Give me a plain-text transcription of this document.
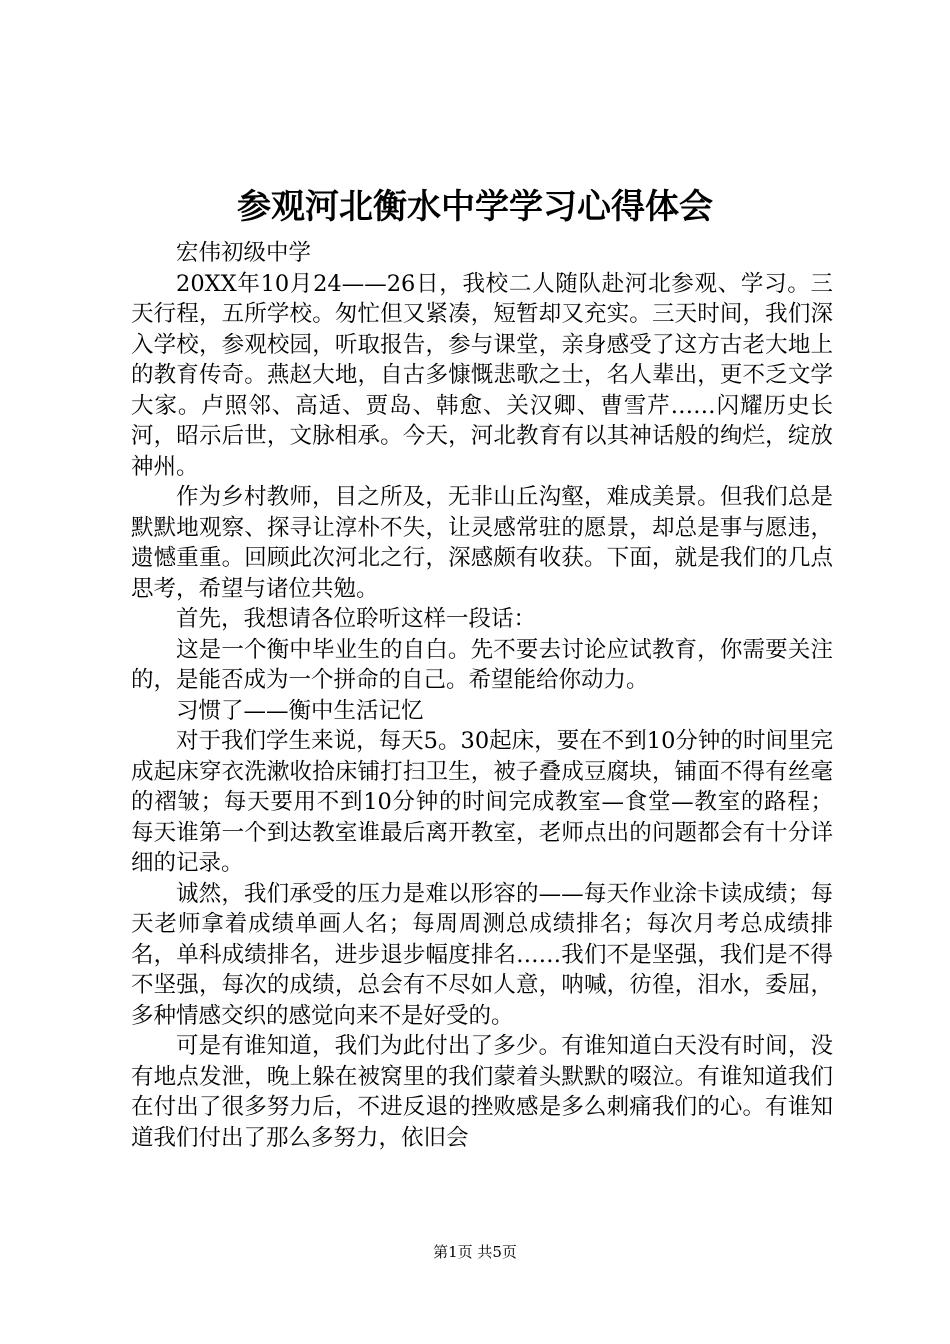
参观河北衡水中学学习心得体会

宏伟初级中学

20XX年10月24——26日，我校二人随队赴河北参观、学习。三天行程，五所学校。匆忙但又紧凑，短暂却又充实。三天时间，我们深入学校，参观校园，听取报告，参与课堂，亲身感受了这方古老大地上的教育传奇。燕赵大地，自古多慷慨悲歌之士，名人辈出，更不乏文学大家。卢照邻、高适、贾岛、韩愈、关汉卿、曹雪芹……闪耀历史长河，昭示后世，文脉相承。今天，河北教育有以其神话般的绚烂，绽放神州。

作为乡村教师，目之所及，无非山丘沟壑，难成美景。但我们总是默默地观察、探寻让淳朴不失，让灵感常驻的愿景，却总是事与愿违，遗憾重重。回顾此次河北之行，深感颇有收获。下面，就是我们的几点思考，希望与诸位共勉。

首先，我想请各位聆听这样一段话：

这是一个衡中毕业生的自白。先不要去讨论应试教育，你需要关注的，是能否成为一个拼命的自己。希望能给你动力。

习惯了——衡中生活记忆

对于我们学生来说，每天5。30起床，要在不到10分钟的时间里完成起床穿衣洗漱收拾床铺打扫卫生，被子叠成豆腐块，铺面不得有丝毫的褶皱；每天要用不到10分钟的时间完成教室—食堂—教室的路程；每天谁第一个到达教室谁最后离开教室，老师点出的问题都会有十分详细的记录。

诚然，我们承受的压力是难以形容的——每天作业涂卡读成绩；每天老师拿着成绩单画人名；每周周测总成绩排名；每次月考总成绩排名，单科成绩排名，进步退步幅度排名……我们不是坚强，我们是不得不坚强，每次的成绩，总会有不尽如人意，呐喊，彷徨，泪水，委屈，多种情感交织的感觉向来不是好受的。

可是有谁知道，我们为此付出了多少。有谁知道白天没有时间，没有地点发泄，晚上躲在被窝里的我们蒙着头默默的啜泣。有谁知道我们在付出了很多努力后，不进反退的挫败感是多么刺痛我们的心。有谁知道我们付出了那么多努力，依旧会

第1页 共5页
